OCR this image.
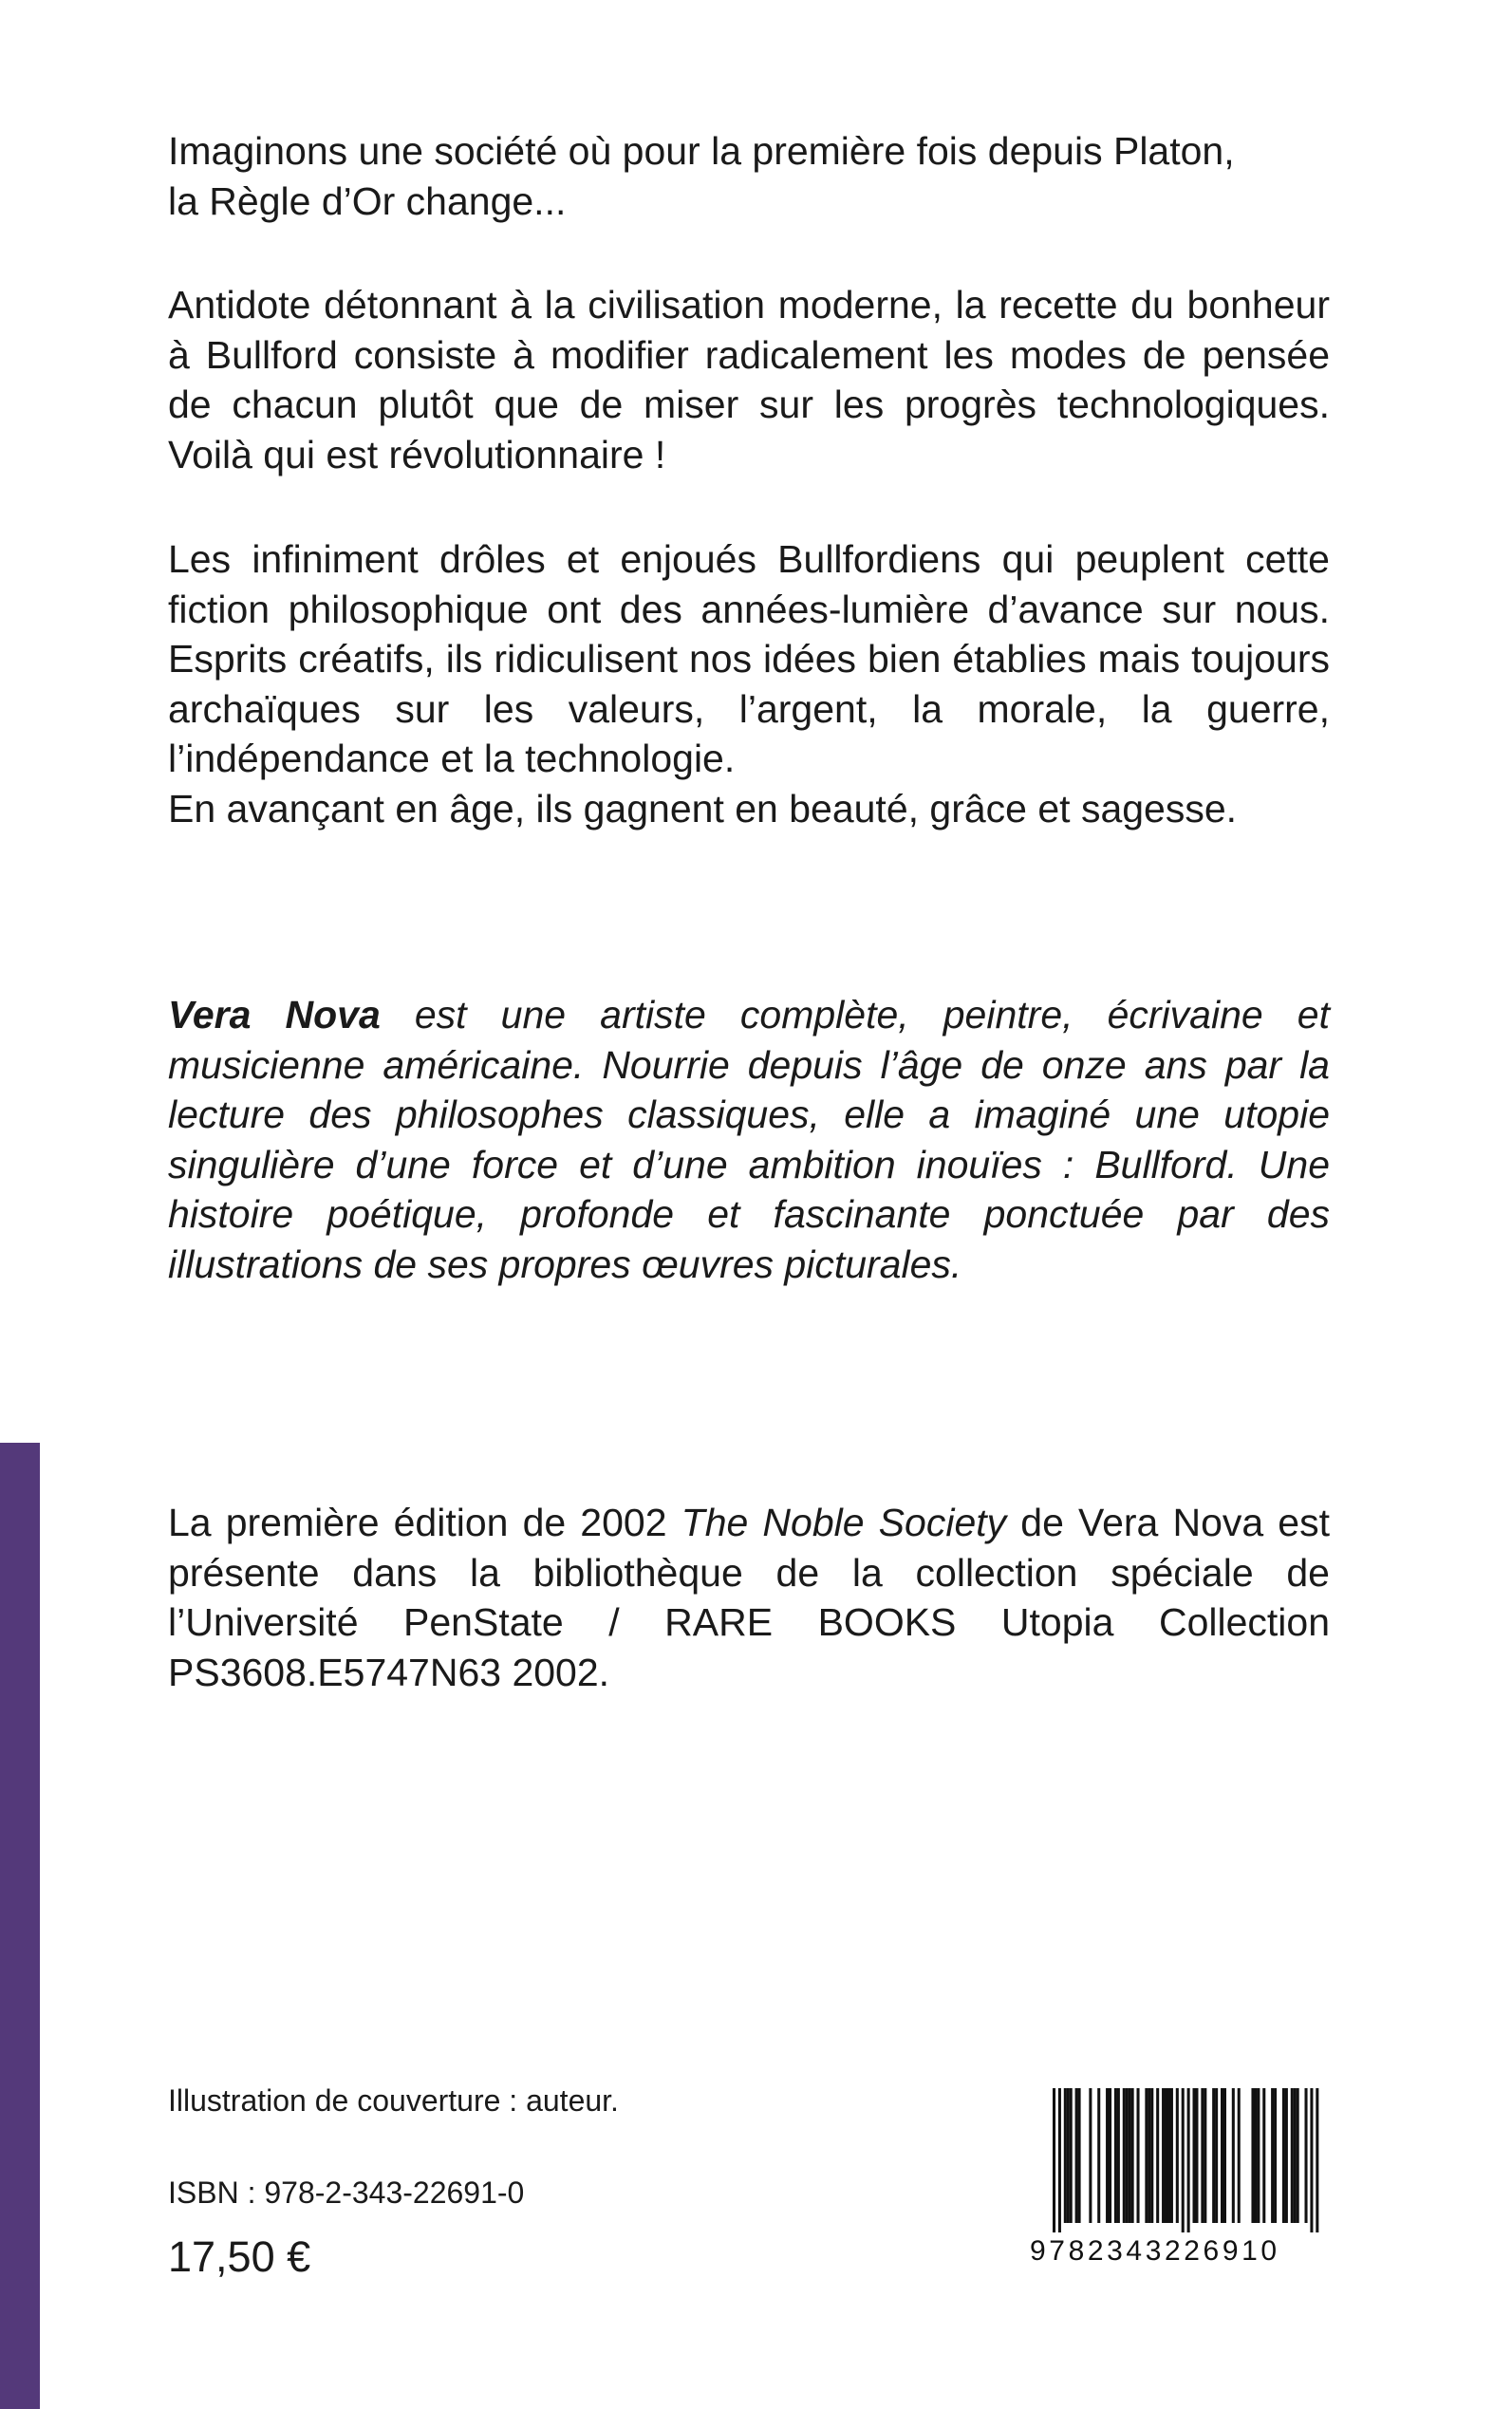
Imaginons une société où pour la première fois depuis Platon,

la Règle d’Or change...

Antidote détonnant à la civilisation moderne, la recette du bonheur à Bullford consiste à modifier radicalement les modes de pensée de chacun plutôt que de miser sur les progrès technologiques. Voilà qui est révolutionnaire !

Les infiniment drôles et enjoués Bullfordiens qui peuplent cette fiction philosophique ont des années-lumière d’avance sur nous. Esprits créatifs, ils ridiculisent nos idées bien établies mais toujours archaïques sur les valeurs, l’argent, la morale, la guerre, l’indépendance et la technologie.

En avançant en âge, ils gagnent en beauté, grâce et sagesse.

Vera Nova est une artiste complète, peintre, écrivaine et musicienne américaine. Nourrie depuis l’âge de onze ans par la lecture des philosophes classiques, elle a imaginé une utopie singulière d’une force et d’une ambition inouïes : Bullford. Une histoire poétique, profonde et fascinante ponctuée par des illustrations de ses propres œuvres picturales.

La première édition de 2002 The Noble Society de Vera Nova est présente dans la bibliothèque de la collection spéciale de l’Université PenState / RARE BOOKS Utopia Collection PS3608.E5747N63 2002.

Illustration de couverture : auteur.
ISBN : 978-2-343-22691-0
17,50 €	9782343226910
